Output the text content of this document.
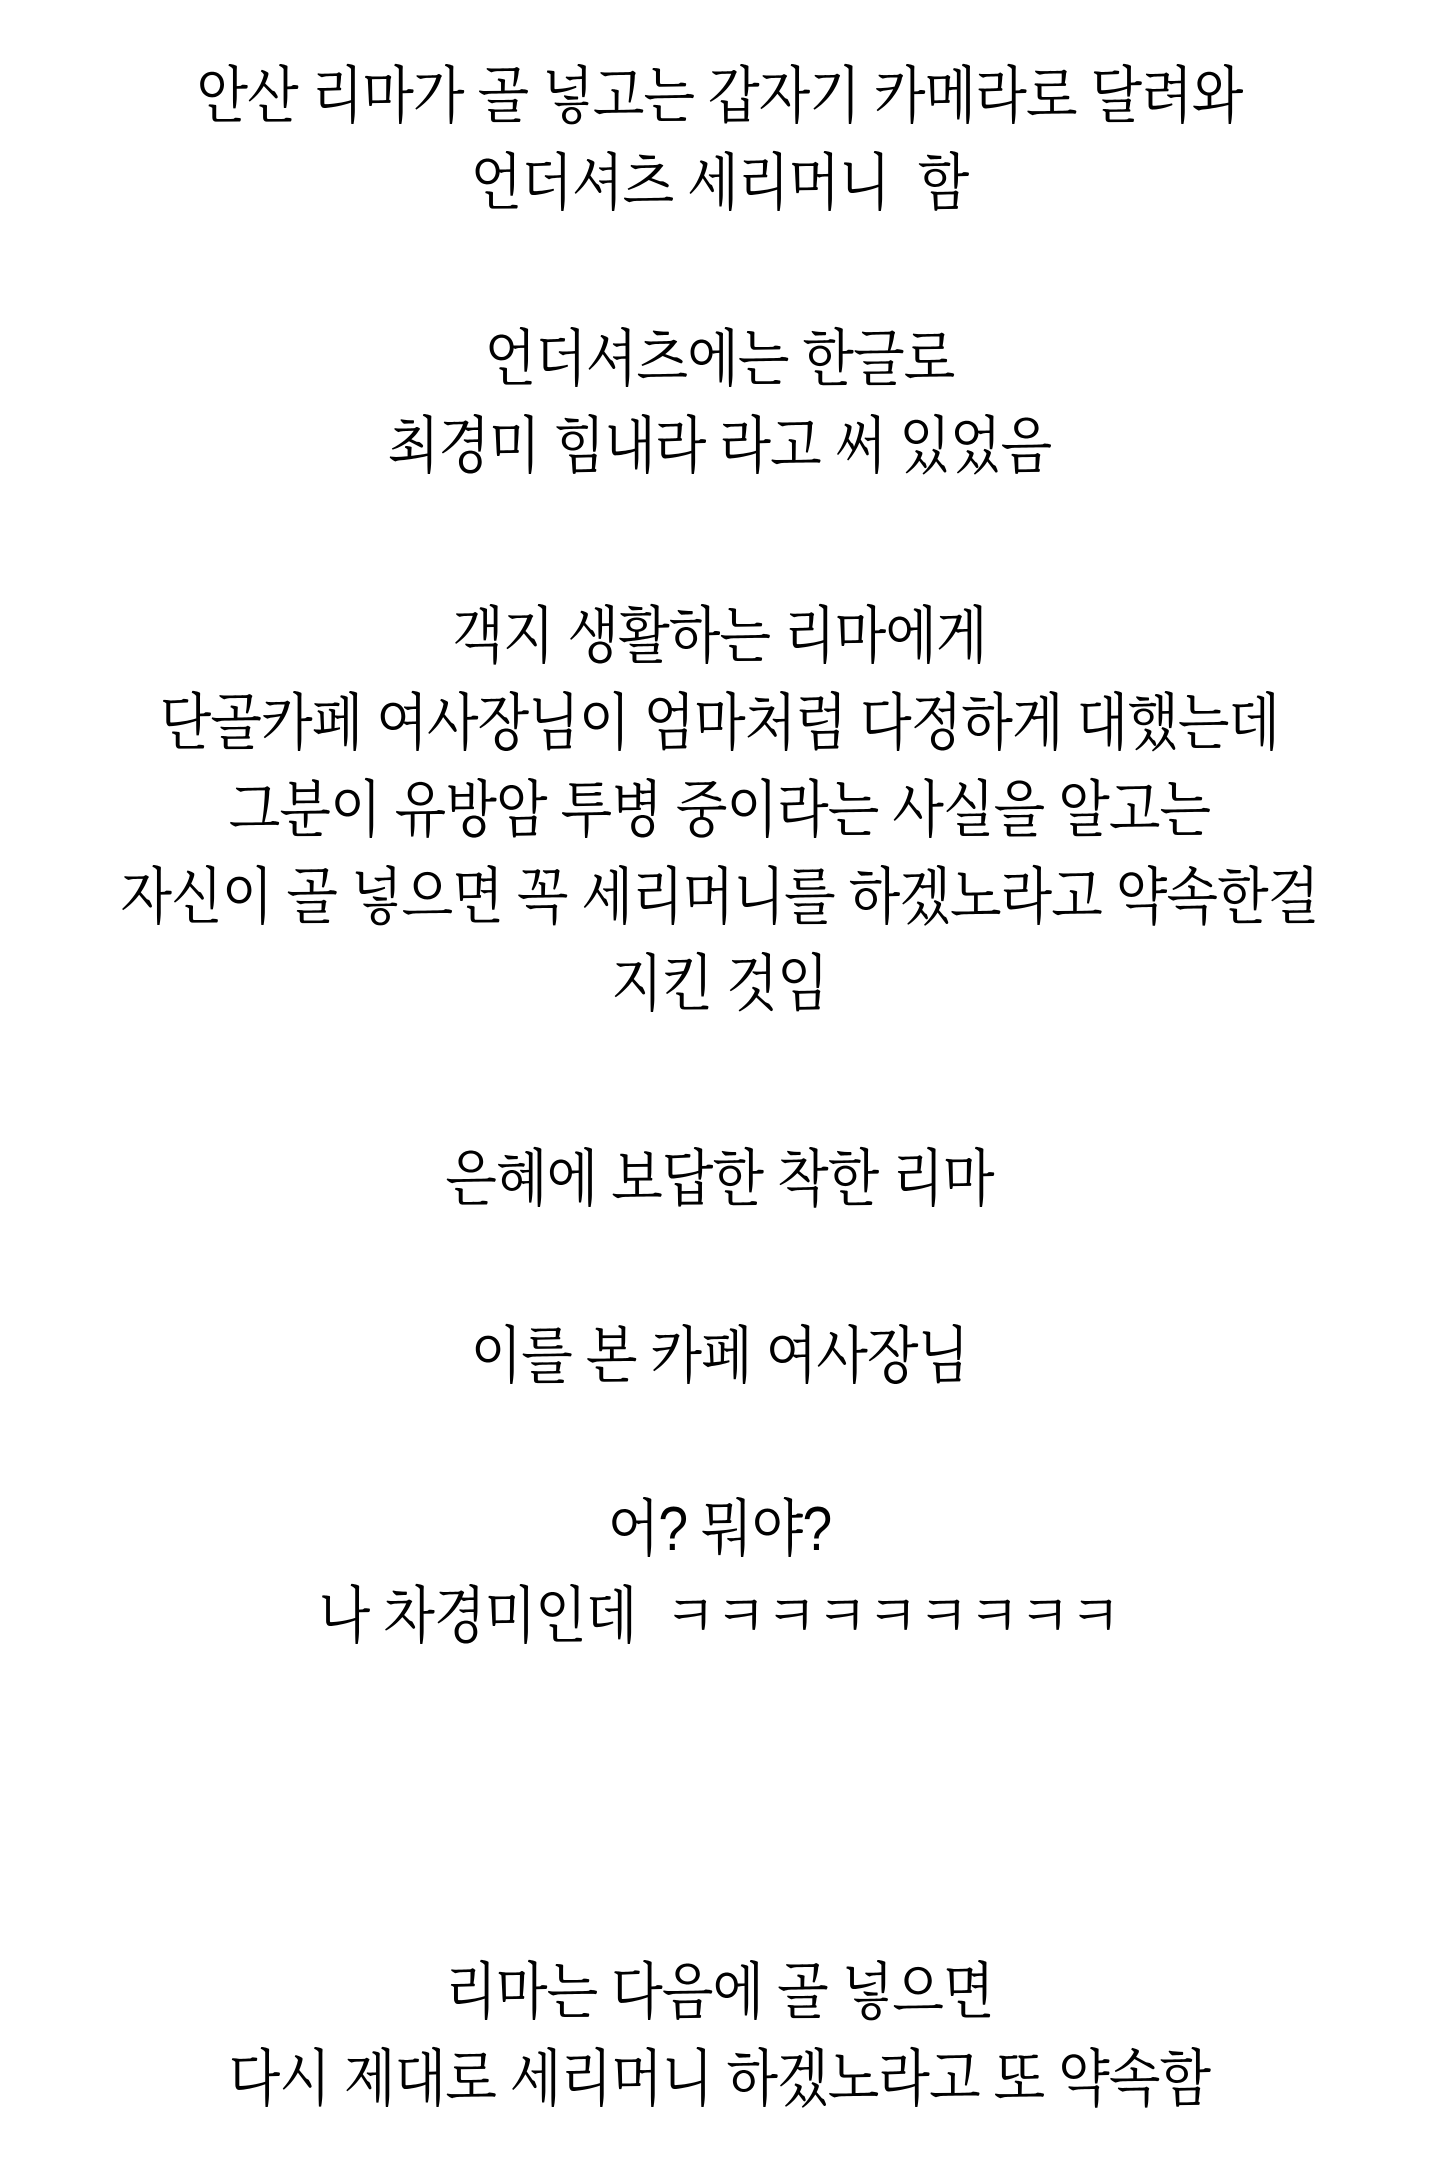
안산 리마가 골 넣고는 갑자기 카메라로 달려와
언더셔츠 세리머니  함
언더셔츠에는 한글로
최경미 힘내라 라고 써 있었음
객지 생활하는 리마에게
단골카페 여사장님이 엄마처럼 다정하게 대했는데
그분이 유방암 투병 중이라는 사실을 알고는
자신이 골 넣으면 꼭 세리머니를 하겠노라고 약속한걸
지킨 것임
은혜에 보답한 착한 리마
이를 본 카페 여사장님
어? 뭐야?
나 차경미인데  ㅋㅋㅋㅋㅋㅋㅋㅋㅋ
리마는 다음에 골 넣으면
다시 제대로 세리머니 하겠노라고 또 약속함
